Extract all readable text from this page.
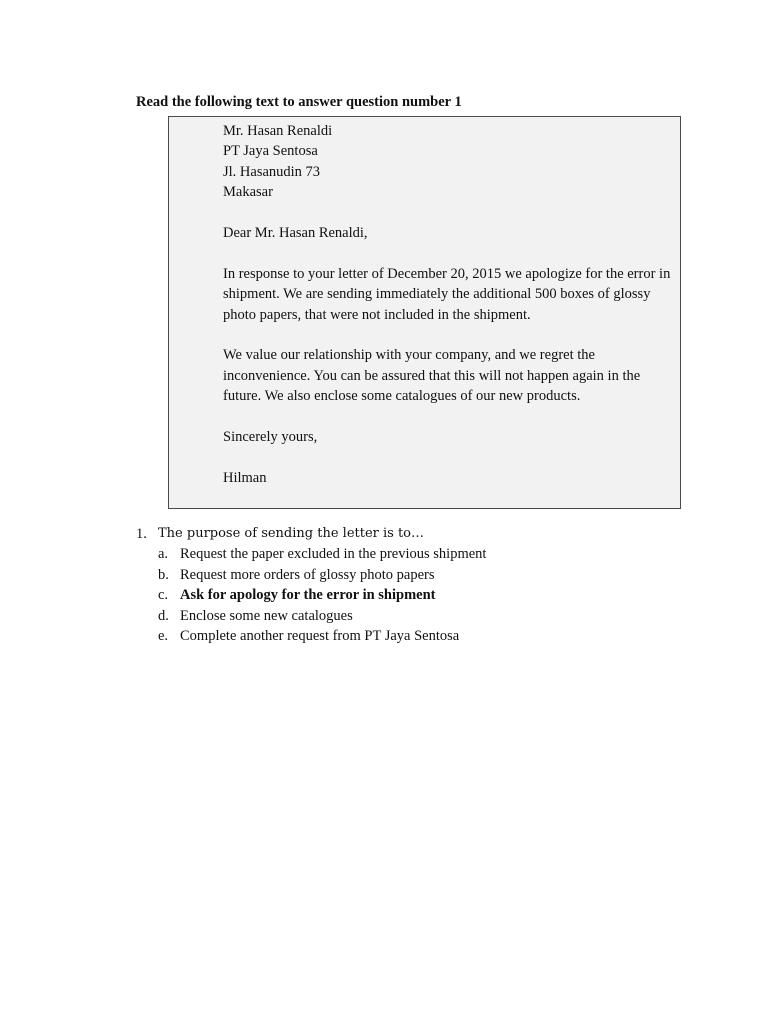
Read the following text to answer question number 1

Mr. Hasan Renaldi

PT Jaya Sentosa

Jl. Hasanudin 73

Makasar

Dear Mr. Hasan Renaldi,

In response to your letter of December 20, 2015 we apologize for the error in shipment. We are sending immediately the additional 500 boxes of glossy photo papers, that were not included in the shipment.

We value our relationship with your company, and we regret the inconvenience. You can be assured that this will not happen again in the future. We also enclose some catalogues of our new products.

Sincerely yours,

Hilman

1. The purpose of sending the letter is to…
a. Request the paper excluded in the previous shipment
b. Request more orders of glossy photo papers
c. Ask for apology for the error in shipment
d. Enclose some new catalogues
e. Complete another request from PT Jaya Sentosa
